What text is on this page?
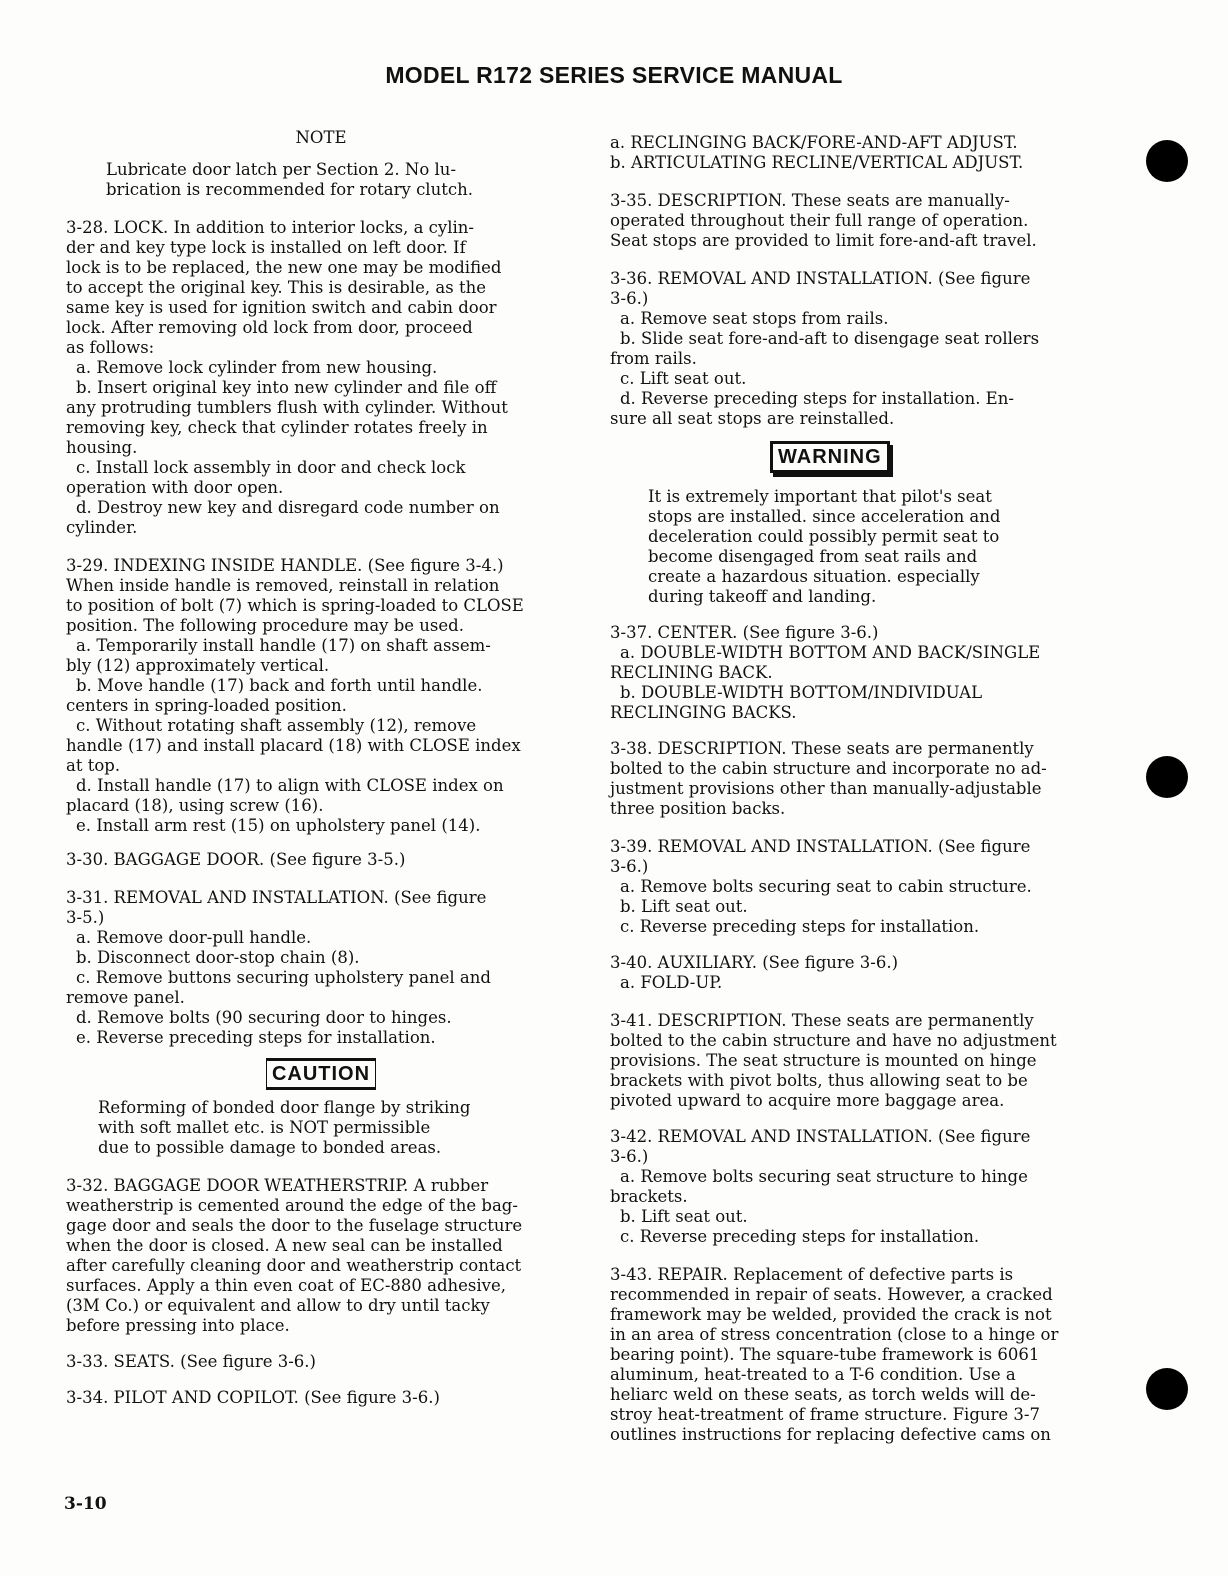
MODEL R172 SERIES SERVICE MANUAL

NOTE

Lubricate door latch per Section 2. No lu-

brication is recommended for rotary clutch.

3-28. LOCK. In addition to interior locks, a cylin-

der and key type lock is installed on left door. If

lock is to be replaced, the new one may be modified

to accept the original key. This is desirable, as the

same key is used for ignition switch and cabin door

lock. After removing old lock from door, proceed

as follows:

a. Remove lock cylinder from new housing.

b. Insert original key into new cylinder and file off

any protruding tumblers flush with cylinder. Without

removing key, check that cylinder rotates freely in

housing.

c. Install lock assembly in door and check lock

operation with door open.

d. Destroy new key and disregard code number on

cylinder.

3-29. INDEXING INSIDE HANDLE. (See figure 3-4.)

When inside handle is removed, reinstall in relation

to position of bolt (7) which is spring-loaded to CLOSE

position. The following procedure may be used.

a. Temporarily install handle (17) on shaft assem-

bly (12) approximately vertical.

b. Move handle (17) back and forth until handle.

centers in spring-loaded position.

c. Without rotating shaft assembly (12), remove

handle (17) and install placard (18) with CLOSE index

at top.

d. Install handle (17) to align with CLOSE index on

placard (18), using screw (16).

e. Install arm rest (15) on upholstery panel (14).

3-30. BAGGAGE DOOR. (See figure 3-5.)

3-31. REMOVAL AND INSTALLATION. (See figure

3-5.)

a. Remove door-pull handle.

b. Disconnect door-stop chain (8).

c. Remove buttons securing upholstery panel and

remove panel.

d. Remove bolts (90 securing door to hinges.

e. Reverse preceding steps for installation.

CAUTION

Reforming of bonded door flange by striking

with soft mallet etc. is NOT permissible

due to possible damage to bonded areas.

3-32. BAGGAGE DOOR WEATHERSTRIP. A rubber

weatherstrip is cemented around the edge of the bag-

gage door and seals the door to the fuselage structure

when the door is closed. A new seal can be installed

after carefully cleaning door and weatherstrip contact

surfaces. Apply a thin even coat of EC-880 adhesive,

(3M Co.) or equivalent and allow to dry until tacky

before pressing into place.

3-33. SEATS. (See figure 3-6.)

3-34. PILOT AND COPILOT. (See figure 3-6.)

a. RECLINGING BACK/FORE-AND-AFT ADJUST.

b. ARTICULATING RECLINE/VERTICAL ADJUST.

3-35. DESCRIPTION. These seats are manually-

operated throughout their full range of operation.

Seat stops are provided to limit fore-and-aft travel.

3-36. REMOVAL AND INSTALLATION. (See figure

3-6.)

a. Remove seat stops from rails.

b. Slide seat fore-and-aft to disengage seat rollers

from rails.

c. Lift seat out.

d. Reverse preceding steps for installation. En-

sure all seat stops are reinstalled.

WARNING

It is extremely important that pilot's seat

stops are installed. since acceleration and

deceleration could possibly permit seat to

become disengaged from seat rails and

create a hazardous situation. especially

during takeoff and landing.

3-37. CENTER. (See figure 3-6.)

a. DOUBLE-WIDTH BOTTOM AND BACK/SINGLE

RECLINING BACK.

b. DOUBLE-WIDTH BOTTOM/INDIVIDUAL

RECLINGING BACKS.

3-38. DESCRIPTION. These seats are permanently

bolted to the cabin structure and incorporate no ad-

justment provisions other than manually-adjustable

three position backs.

3-39. REMOVAL AND INSTALLATION. (See figure

3-6.)

a. Remove bolts securing seat to cabin structure.

b. Lift seat out.

c. Reverse preceding steps for installation.

3-40. AUXILIARY. (See figure 3-6.)

a. FOLD-UP.

3-41. DESCRIPTION. These seats are permanently

bolted to the cabin structure and have no adjustment

provisions. The seat structure is mounted on hinge

brackets with pivot bolts, thus allowing seat to be

pivoted upward to acquire more baggage area.

3-42. REMOVAL AND INSTALLATION. (See figure

3-6.)

a. Remove bolts securing seat structure to hinge

brackets.

b. Lift seat out.

c. Reverse preceding steps for installation.

3-43. REPAIR. Replacement of defective parts is

recommended in repair of seats. However, a cracked

framework may be welded, provided the crack is not

in an area of stress concentration (close to a hinge or

bearing point). The square-tube framework is 6061

aluminum, heat-treated to a T-6 condition. Use a

heliarc weld on these seats, as torch welds will de-

stroy heat-treatment of frame structure. Figure 3-7

outlines instructions for replacing defective cams on

3-10
